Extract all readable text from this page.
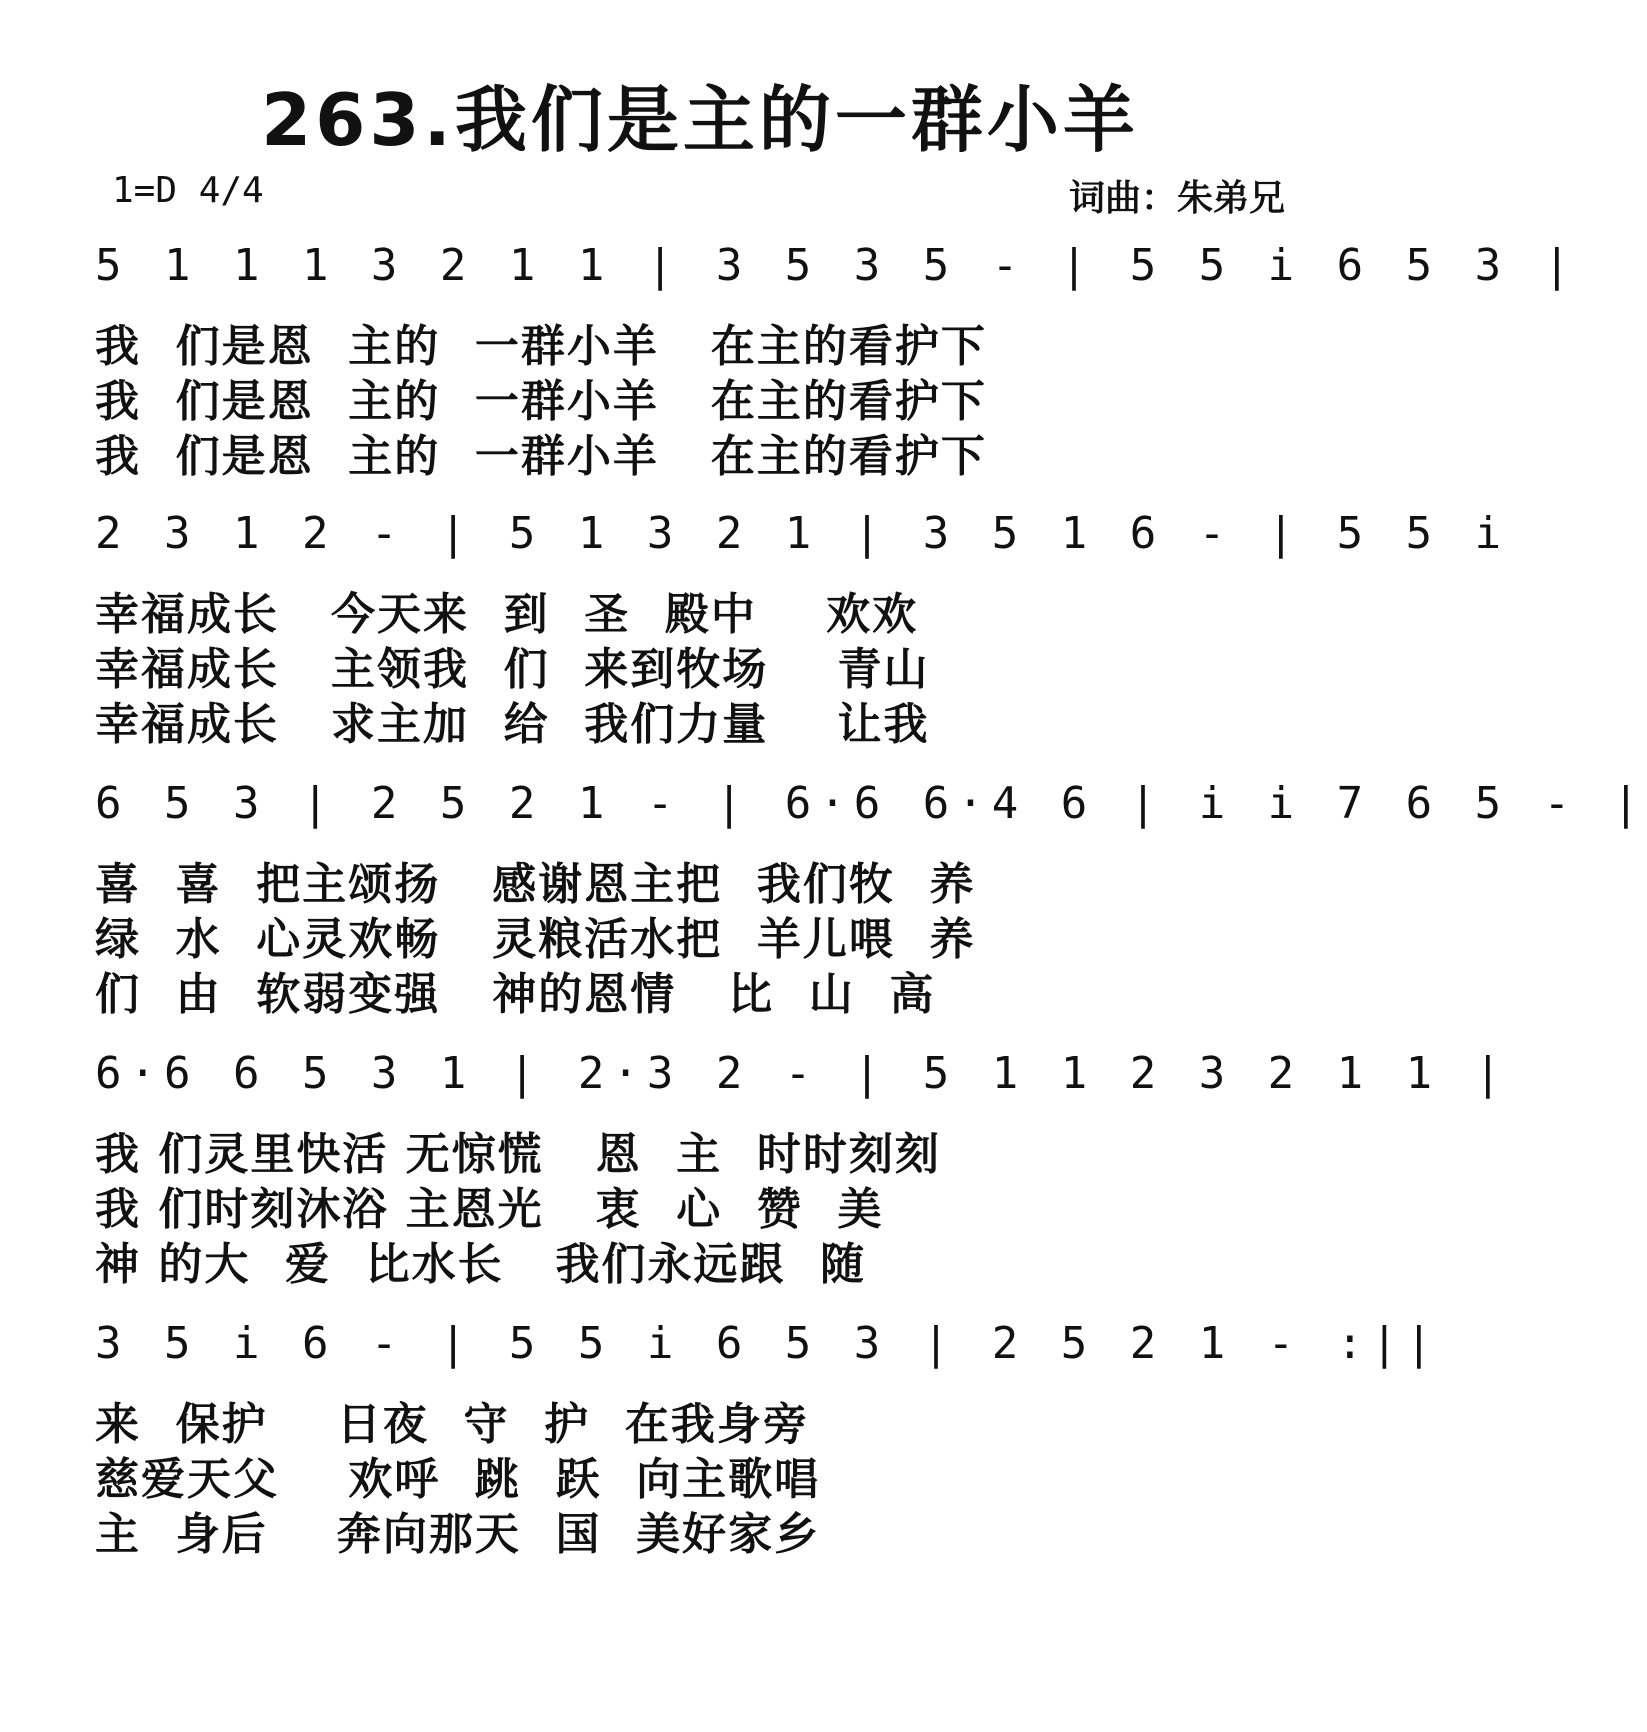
263.我们是主的一群小羊
1=D 4/4	词曲：朱弟兄
5 1 1 1 3 2 1 1 | 3 5 3 5 - | 5 5 i 6 5 3 |
我  们是恩  主的  一群小羊   在主的看护下
我  们是恩  主的  一群小羊   在主的看护下
我  们是恩  主的  一群小羊   在主的看护下
2 3 1 2 - | 5 1 3 2 1 | 3 5 1 6 - | 5 5 i
幸福成长   今天来  到  圣  殿中    欢欢
幸福成长   主领我  们  来到牧场    青山
幸福成长   求主加  给  我们力量    让我
6 5 3 | 2 5 2 1 - | 6·6 6·4 6 | i i 7 6 5 - |
喜  喜  把主颂扬   感谢恩主把  我们牧  养
绿  水  心灵欢畅   灵粮活水把  羊儿喂  养
们  由  软弱变强   神的恩情   比  山  高
6·6 6 5 3 1 | 2·3 2 - | 5 1 1 2 3 2 1 1 |
我 们灵里快活 无惊慌   恩  主  时时刻刻
我 们时刻沐浴 主恩光   衷  心  赞  美
神 的大  爱  比水长   我们永远跟  随
3 5 i 6 - | 5 5 i 6 5 3 | 2 5 2 1 - :||
来  保护    日夜  守  护  在我身旁
慈爱天父    欢呼  跳  跃  向主歌唱
主  身后    奔向那天  国  美好家乡
